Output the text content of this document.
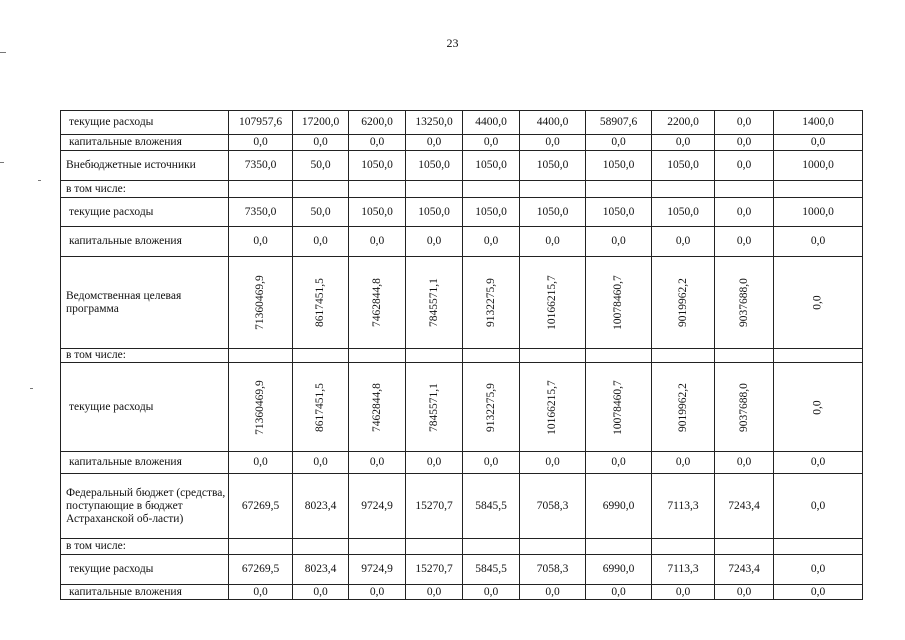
23
текущие расходы	107957,6	17200,0	6200,0	13250,0	4400,0	4400,0	58907,6	2200,0	0,0	1400,0
капитальные вложения	0,0	0,0	0,0	0,0	0,0	0,0	0,0	0,0	0,0	0,0
Внебюджетные источники	7350,0	50,0	1050,0	1050,0	1050,0	1050,0	1050,0	1050,0	0,0	1000,0
в том числе:										
текущие расходы	7350,0	50,0	1050,0	1050,0	1050,0	1050,0	1050,0	1050,0	0,0	1000,0
капитальные вложения	0,0	0,0	0,0	0,0	0,0	0,0	0,0	0,0	0,0	0,0
Ведомственная целевая программа	71360469,9	8617451,5	7462844,8	7845571,1	9132275,9	10166215,7	10078460,7	9019962,2	9037688,0	0,0
в том числе:										
текущие расходы	71360469,9	8617451,5	7462844,8	7845571,1	9132275,9	10166215,7	10078460,7	9019962,2	9037688,0	0,0
капитальные вложения	0,0	0,0	0,0	0,0	0,0	0,0	0,0	0,0	0,0	0,0
Федеральный бюджет (средства, поступающие в бюджет Астраханской об-ласти)	67269,5	8023,4	9724,9	15270,7	5845,5	7058,3	6990,0	7113,3	7243,4	0,0
в том числе:										
текущие расходы	67269,5	8023,4	9724,9	15270,7	5845,5	7058,3	6990,0	7113,3	7243,4	0,0
капитальные вложения	0,0	0,0	0,0	0,0	0,0	0,0	0,0	0,0	0,0	0,0
